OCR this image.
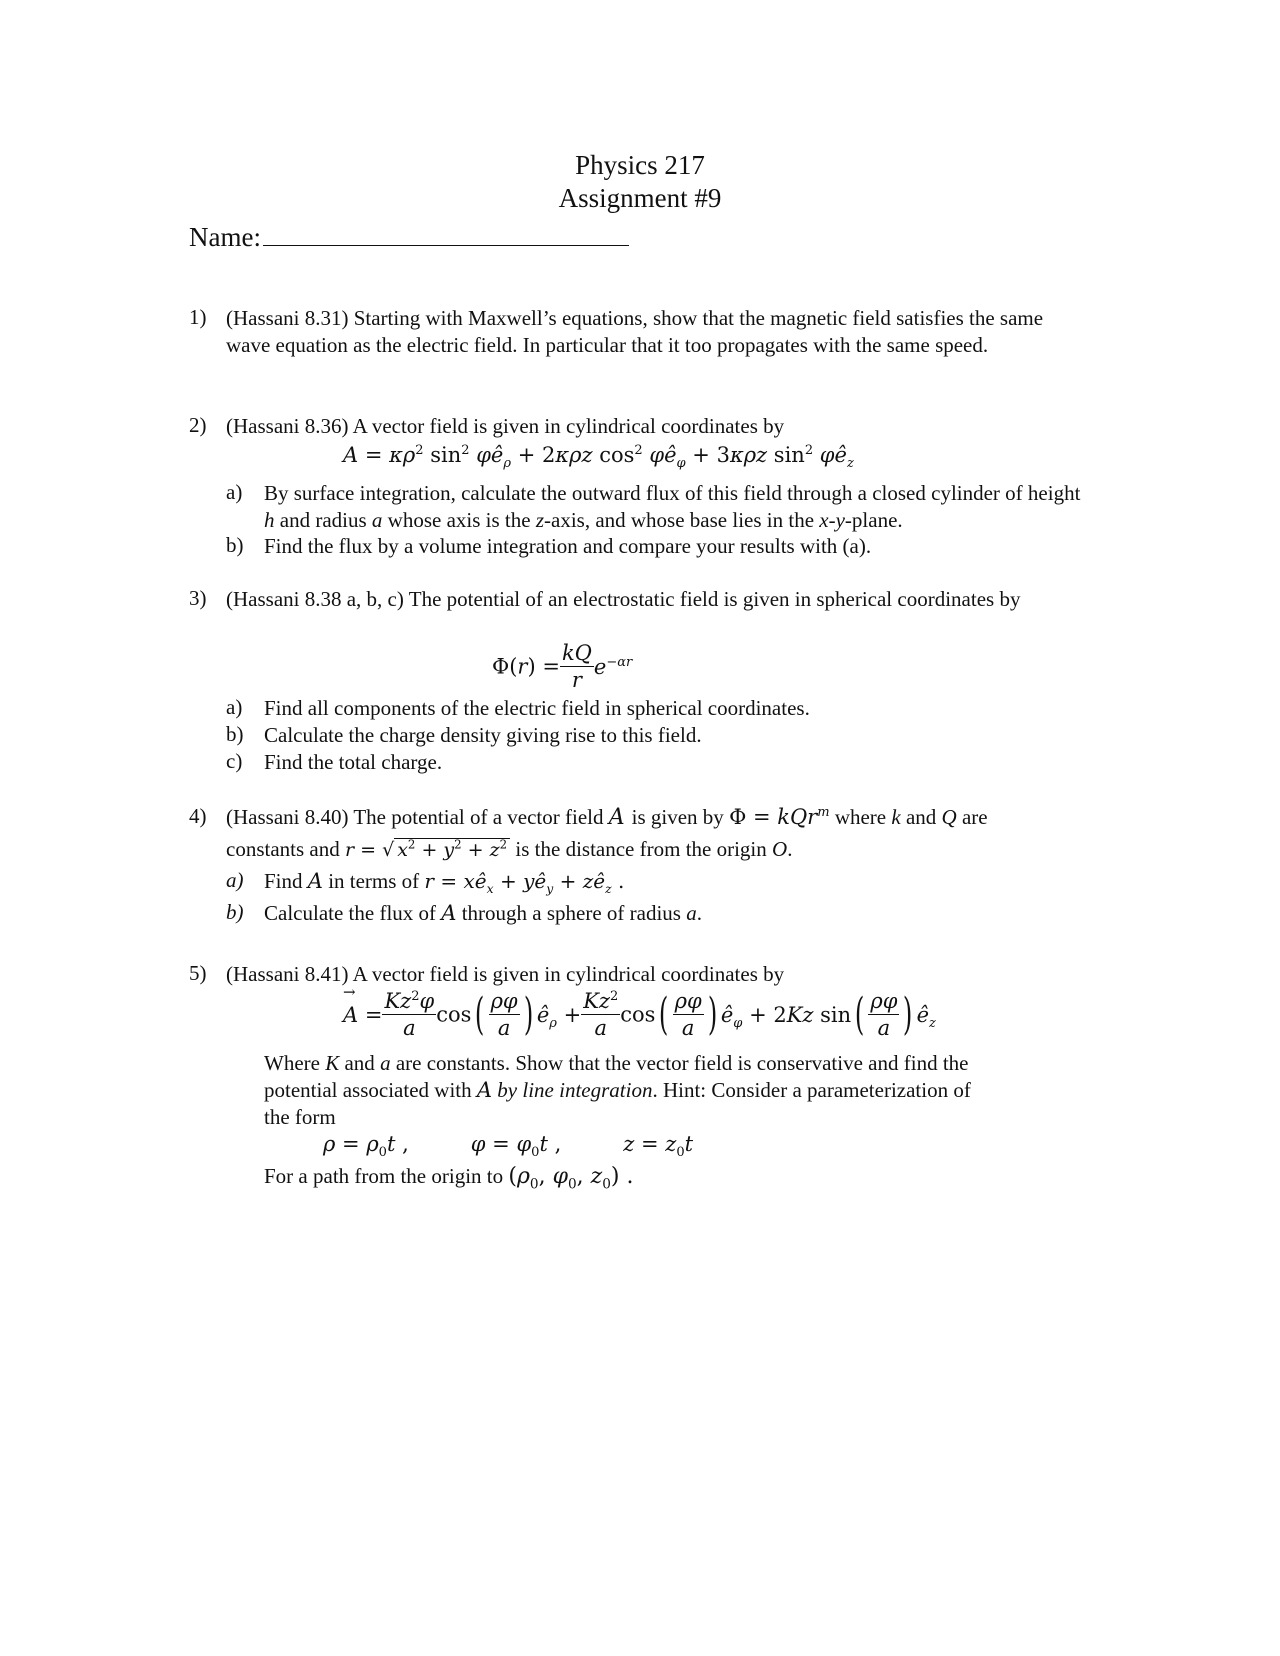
Physics 217
Assignment #9
Name:
1) (Hassani 8.31) Starting with Maxwell’s equations, show that the magnetic field satisfies the same wave equation as the electric field. In particular that it too propagates with the same speed.
2) (Hassani 8.36) A vector field is given in cylindrical coordinates by
$A = \kappa\rho^2$ $\sin^2$ $\varphi ê_\rho + 2\kappa\rho z$ $\cos^2$ $\varphi ê_\varphi + 3\kappa\rho z$ $\sin^2$ $\varphi ê_z$
a) By surface integration, calculate the outward flux of this field through a closed cylinder of height h and radius a whose axis is the z-axis, and whose base lies in the x-y-plane.
b) Find the flux by a volume integration and compare your results with (a).
3) (Hassani 8.38 a, b, c) The potential of an electrostatic field is given in spherical coordinates by
$\Phi(r) = \frac{kQ}{r} e^{-\alpha r}$
a) Find all components of the electric field in spherical coordinates.
b) Calculate the charge density giving rise to this field.
c) Find the total charge.
4) (Hassani 8.40) The potential of a vector field A is given by Φ = kQr$^m$ where k and Q are
constants and r = √ $x^2 + y^2 + z^2$ is the distance from the origin O.
a) Find A in terms of $r = xê_x$ + $yê_y$ + $zê_z$ .
b) Calculate the flux of A through a sphere of radius a.
5) (Hassani 8.41) A vector field is given in cylindrical coordinates by
→ $A = \frac{Kz^2\varphi}{a} \cos( \frac{\rho\varphi}{a}$ ) $ê_\rho + \frac{Kz^2}{a} \cos( \frac{\rho\varphi}{a}$ ) $ê_\varphi + 2Kz$ $\sin( \frac{\rho\varphi}{a}$ ) $ê_z$
Where K and a are constants. Show that the vector field is conservative and find the
potential associated with A by line integration. Hint: Consider a parameterization of
the form
$\rho = \rho_0t$ ,	$\varphi = \varphi_0t$ ,	$z = z_0t$
For a path from the origin to ($\rho_0$, $\varphi_0$, $z_0$) .
